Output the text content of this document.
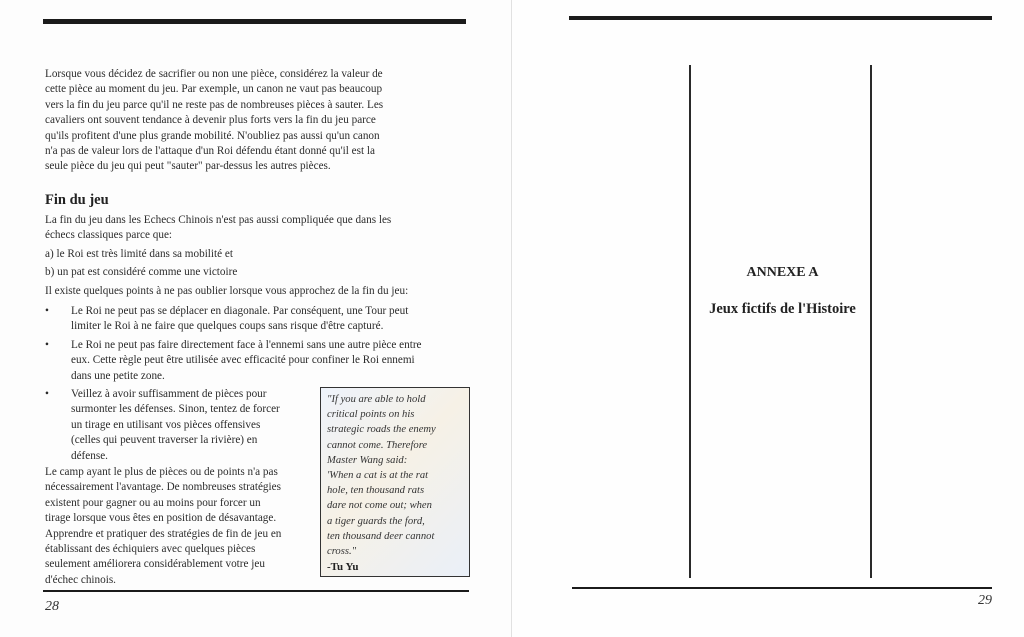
Lorsque vous décidez de sacrifier ou non une pièce, considérez la valeur de
cette pièce au moment du jeu. Par exemple, un canon ne vaut pas beaucoup
vers la fin du jeu parce qu'il ne reste pas de nombreuses pièces à sauter. Les
cavaliers ont souvent tendance à devenir plus forts vers la fin du jeu parce
qu'ils profitent d'une plus grande mobilité. N'oubliez pas aussi qu'un canon
n'a pas de valeur lors de l'attaque d'un Roi défendu étant donné qu'il est la
seule pièce du jeu qui peut "sauter" par-dessus les autres pièces.
Fin du jeu
La fin du jeu dans les Echecs Chinois n'est pas aussi compliquée que dans les
échecs classiques parce que:
a) le Roi est très limité dans sa mobilité et
b) un pat est considéré comme une victoire
Il existe quelques points à ne pas oublier lorsque vous approchez de la fin du jeu:
• Le Roi ne peut pas se déplacer en diagonale. Par conséquent, une Tour peut
limiter le Roi à ne faire que quelques coups sans risque d'être capturé.
• Le Roi ne peut pas faire directement face à l'ennemi sans une autre pièce entre
eux. Cette règle peut être utilisée avec efficacité pour confiner le Roi ennemi
dans une petite zone.
• Veillez à avoir suffisamment de pièces pour
surmonter les défenses. Sinon, tentez de forcer
un tirage en utilisant vos pièces offensives
(celles qui peuvent traverser la rivière) en
défense.
Le camp ayant le plus de pièces ou de points n'a pas
nécessairement l'avantage. De nombreuses stratégies
existent pour gagner ou au moins pour forcer un
tirage lorsque vous êtes en position de désavantage.
Apprendre et pratiquer des stratégies de fin de jeu en
établissant des échiquiers avec quelques pièces
seulement améliorera considérablement votre jeu
d'échec chinois.
"If you are able to hold
critical points on his
strategic roads the enemy
cannot come. Therefore
Master Wang said:
'When a cat is at the rat
hole, ten thousand rats
dare not come out; when
a tiger guards the ford,
ten thousand deer cannot
cross."
-Tu Yu
28	29
ANNEXE A
Jeux fictifs de l'Histoire
